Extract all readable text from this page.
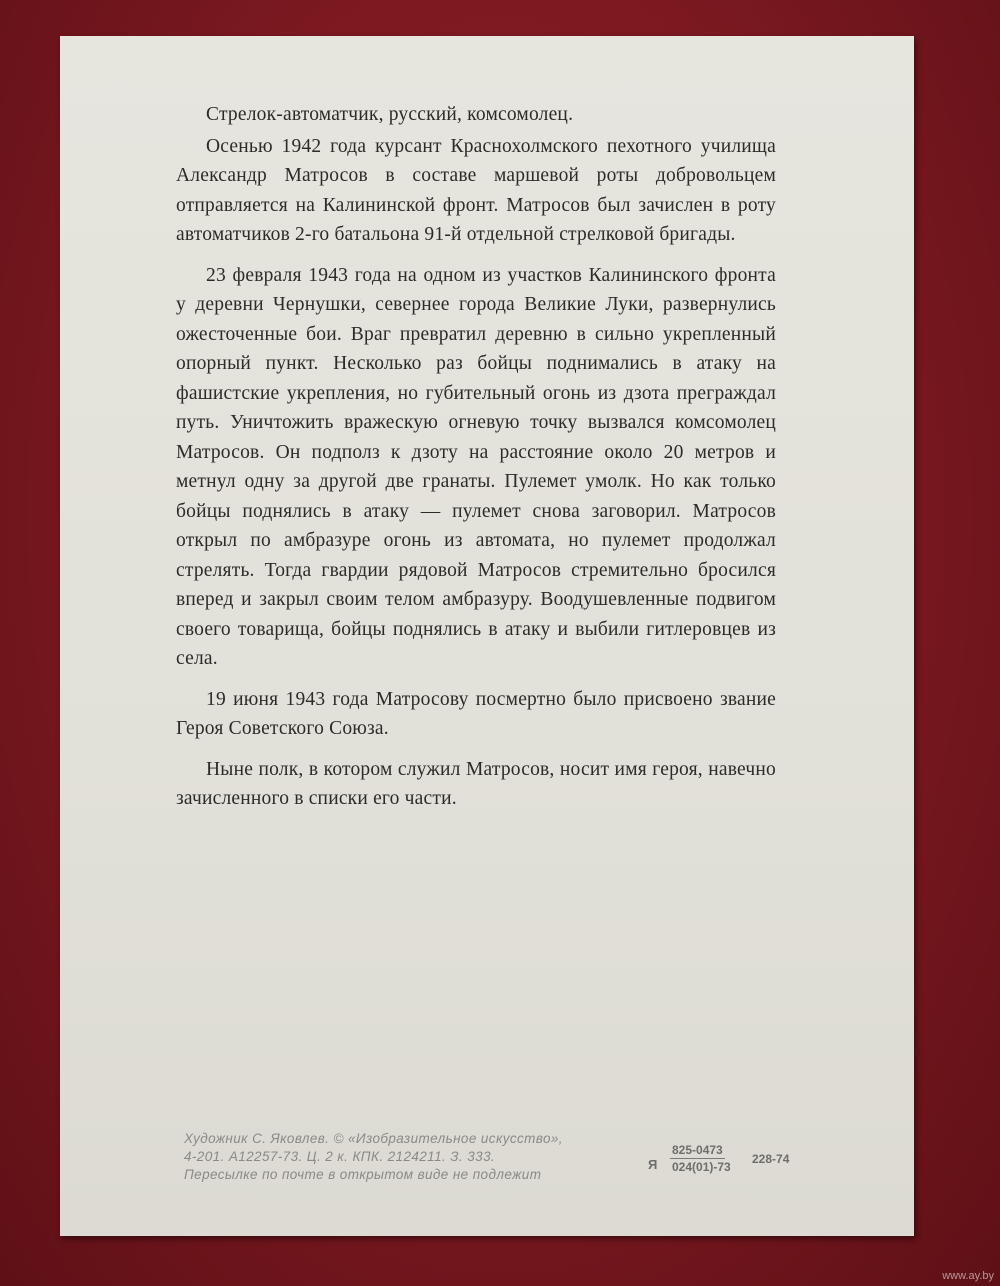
Стрелок-автоматчик, русский, комсомолец.

Осенью 1942 года курсант Краснохолмского пехотного училища Александр Матросов в составе маршевой роты добровольцем отправляется на Калининской фронт. Матросов был зачислен в роту автоматчиков 2-го батальона 91-й отдельной стрелковой бригады.

23 февраля 1943 года на одном из участков Калининского фронта у деревни Чернушки, севернее города Великие Луки, развернулись ожесточенные бои. Враг превратил деревню в сильно укрепленный опорный пункт. Несколько раз бойцы поднимались в атаку на фашистские укрепления, но губительный огонь из дзота преграждал путь. Уничтожить вражескую огневую точку вызвался комсомолец Матросов. Он подполз к дзоту на расстояние около 20 метров и метнул одну за другой две гранаты. Пулемет умолк. Но как только бойцы поднялись в атаку — пулемет снова заговорил. Матросов открыл по амбразуре огонь из автомата, но пулемет продолжал стрелять. Тогда гвардии рядовой Матросов стремительно бросился вперед и закрыл своим телом амбразуру. Воодушевленные подвигом своего товарища, бойцы поднялись в атаку и выбили гитлеровцев из села.

19 июня 1943 года Матросову посмертно было присвоено звание Героя Советского Союза.

Ныне полк, в котором служил Матросов, носит имя героя, навечно зачисленного в списки его части.

Художник С. Яковлев. © «Изобразительное искусство»,
4-201. А12257-73. Ц. 2 к. КПК. 2124211. З. 333.
Пересылке по почте в открытом виде не подлежит
Я
825-0473
024(01)-73
228-74
www.ay.by
